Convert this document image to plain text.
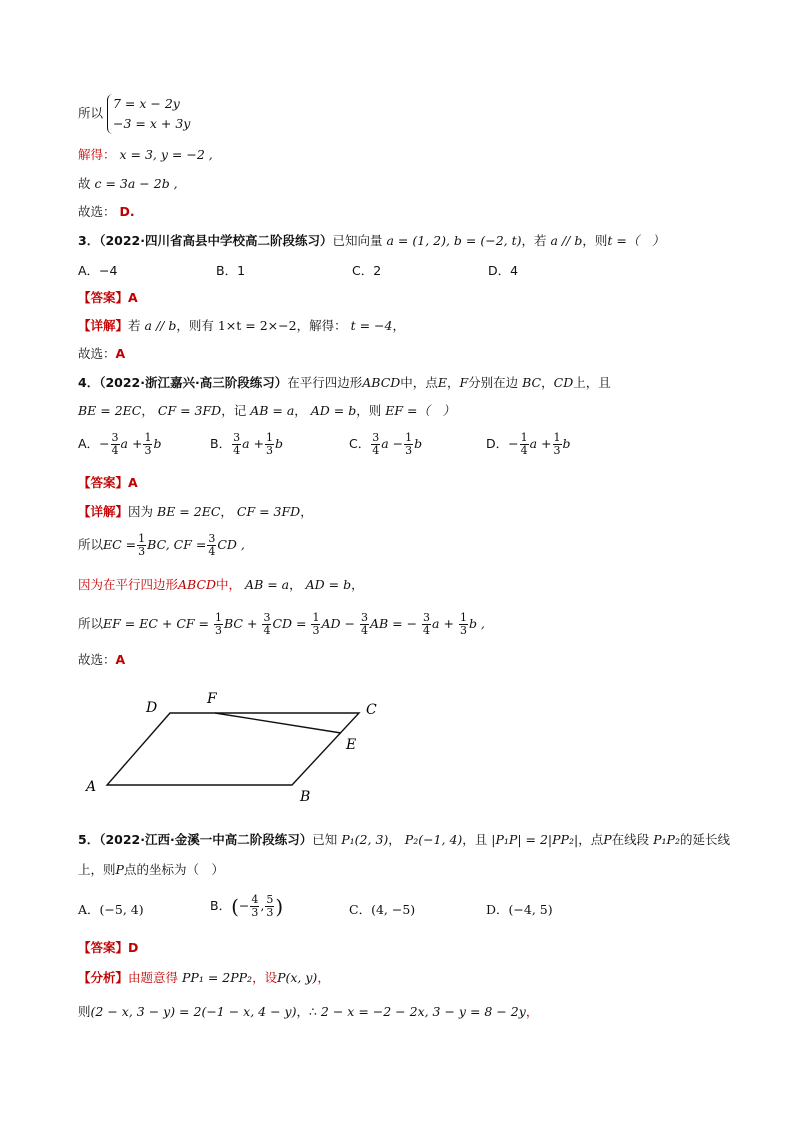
所以
7 = x − 2y
−3 = x + 3y
解得： x = 3, y = −2 ,
故 c = 3a − 2b ,
故选： D.
3．（2022·四川省高县中学校高二阶段练习）已知向量 a = (1, 2), b = (−2, t)，若 a // b，则t =（　）
A．−4	B．1	C．2	D．4
【答案】A
【详解】若 a // b，则有 1×t = 2×−2，解得： t = −4，
故选：A
4．（2022·浙江嘉兴·高三阶段练习）在平行四边形ABCD中，点E，F分别在边 BC，CD上，且
BE = 2EC， CF = 3FD，记 AB = a， AD = b，则 EF =（　）
A．− $\frac{3}{4}$ $a + \frac{1}{3}$ b	B． $\frac{3}{4}$ $a + \frac{1}{3}$ b	C． $\frac{3}{4}$ $a - \frac{1}{3}$ b	D．− $\frac{1}{4}$ $a + \frac{1}{3}$ b
【答案】A
【详解】因为 BE = 2EC， CF = 3FD，
所以EC = $\frac{1}{3}$ BC, CF = $\frac{3}{4}$ CD ,
因为在平行四边形ABCD中， AB = a， AD = b，
所以EF = EC + CF = $\frac{1}{3}$ BC + $\frac{3}{4}$ CD = $\frac{1}{3}$ AD − $\frac{3}{4}$ AB = − $\frac{3}{4}$ $a + \frac{1}{3}$ b ,
故选：A
D
F
C
E
A
B
5．（2022·江西·金溪一中高二阶段练习）已知 P₁(2, 3)， P₂(−1, 4)，且 |P₁P| = 2|PP₂|，点P在线段 P₁P₂的延长线
上，则P点的坐标为（　）
A．(−5, 4)	B．(− $\frac{4}{3}$ , $\frac{5}{3}$ )	C．(4, −5)	D．(−4, 5)
【答案】D
【分析】由题意得 PP₁ = 2PP₂，设P(x, y)，
则(2 − x, 3 − y) = 2(−1 − x, 4 − y)，∴ 2 − x = −2 − 2x, 3 − y = 8 − 2y，
